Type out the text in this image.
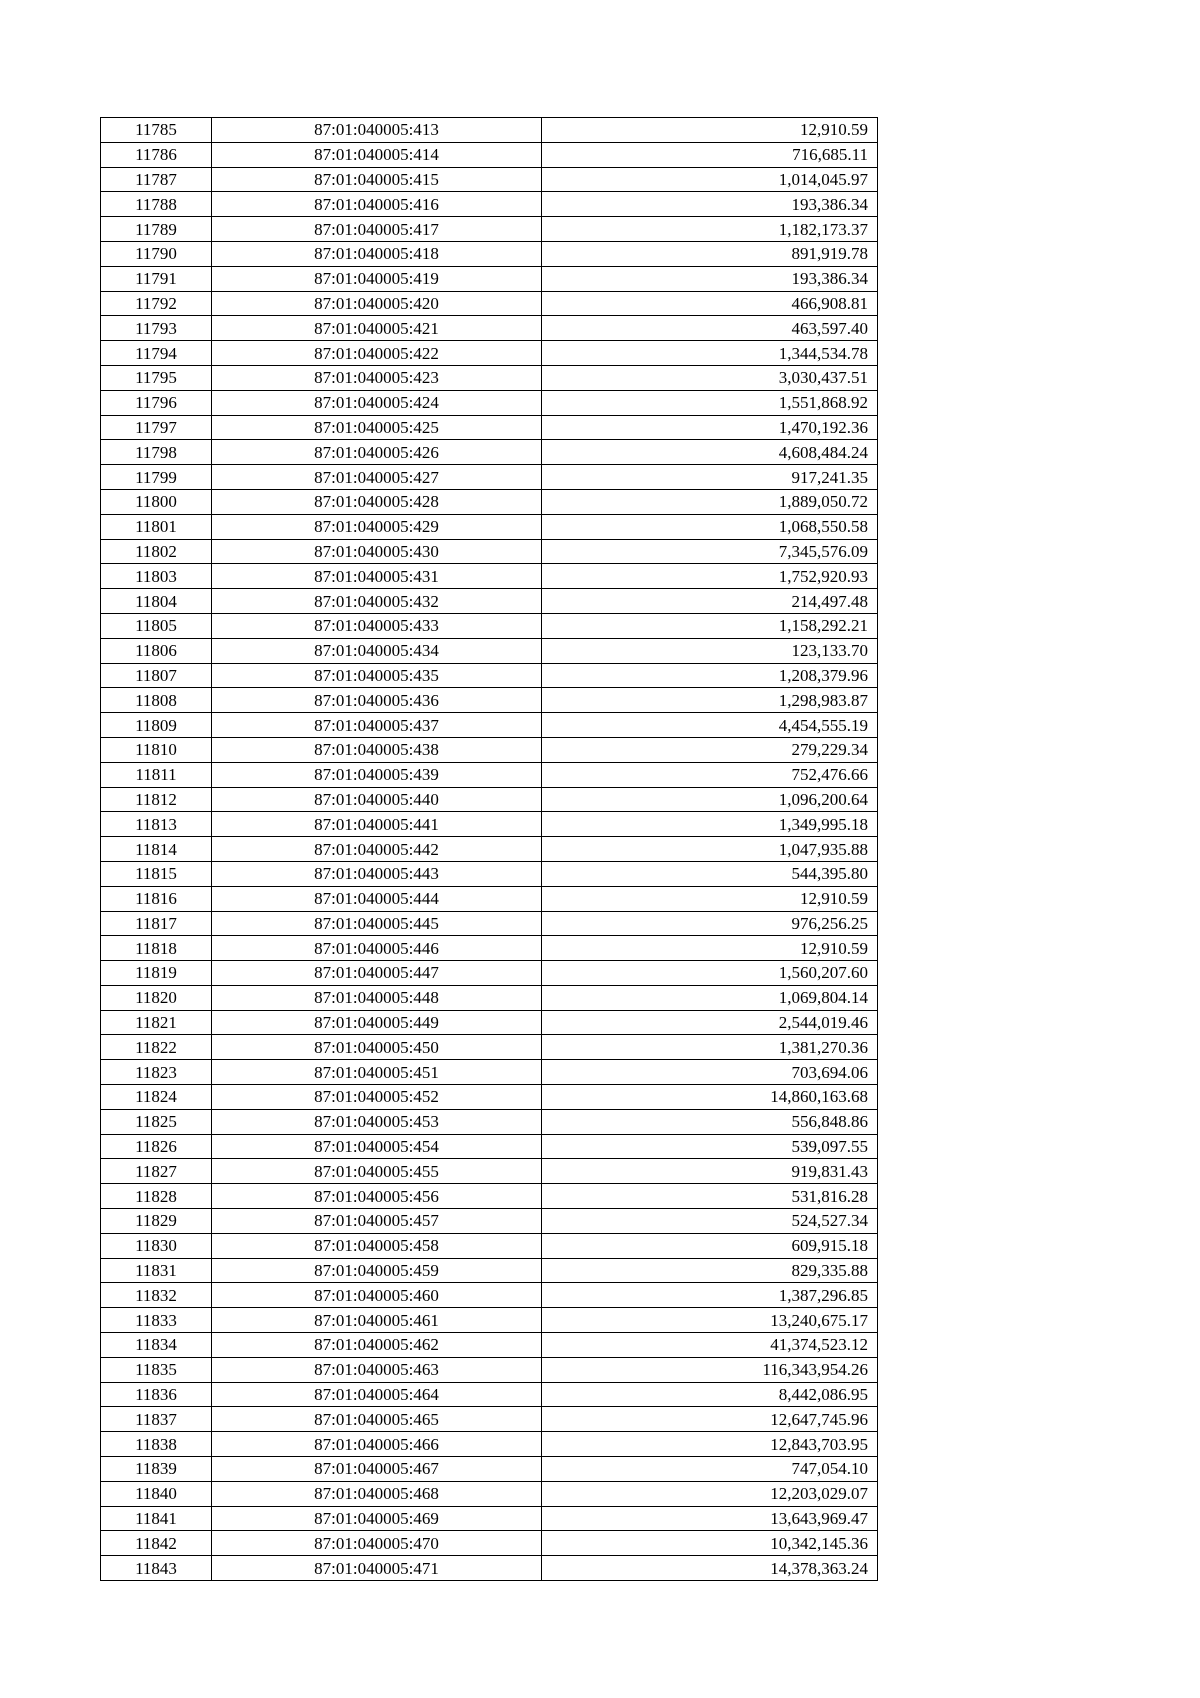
11785	87:01:040005:413	12,910.59
11786	87:01:040005:414	716,685.11
11787	87:01:040005:415	1,014,045.97
11788	87:01:040005:416	193,386.34
11789	87:01:040005:417	1,182,173.37
11790	87:01:040005:418	891,919.78
11791	87:01:040005:419	193,386.34
11792	87:01:040005:420	466,908.81
11793	87:01:040005:421	463,597.40
11794	87:01:040005:422	1,344,534.78
11795	87:01:040005:423	3,030,437.51
11796	87:01:040005:424	1,551,868.92
11797	87:01:040005:425	1,470,192.36
11798	87:01:040005:426	4,608,484.24
11799	87:01:040005:427	917,241.35
11800	87:01:040005:428	1,889,050.72
11801	87:01:040005:429	1,068,550.58
11802	87:01:040005:430	7,345,576.09
11803	87:01:040005:431	1,752,920.93
11804	87:01:040005:432	214,497.48
11805	87:01:040005:433	1,158,292.21
11806	87:01:040005:434	123,133.70
11807	87:01:040005:435	1,208,379.96
11808	87:01:040005:436	1,298,983.87
11809	87:01:040005:437	4,454,555.19
11810	87:01:040005:438	279,229.34
11811	87:01:040005:439	752,476.66
11812	87:01:040005:440	1,096,200.64
11813	87:01:040005:441	1,349,995.18
11814	87:01:040005:442	1,047,935.88
11815	87:01:040005:443	544,395.80
11816	87:01:040005:444	12,910.59
11817	87:01:040005:445	976,256.25
11818	87:01:040005:446	12,910.59
11819	87:01:040005:447	1,560,207.60
11820	87:01:040005:448	1,069,804.14
11821	87:01:040005:449	2,544,019.46
11822	87:01:040005:450	1,381,270.36
11823	87:01:040005:451	703,694.06
11824	87:01:040005:452	14,860,163.68
11825	87:01:040005:453	556,848.86
11826	87:01:040005:454	539,097.55
11827	87:01:040005:455	919,831.43
11828	87:01:040005:456	531,816.28
11829	87:01:040005:457	524,527.34
11830	87:01:040005:458	609,915.18
11831	87:01:040005:459	829,335.88
11832	87:01:040005:460	1,387,296.85
11833	87:01:040005:461	13,240,675.17
11834	87:01:040005:462	41,374,523.12
11835	87:01:040005:463	116,343,954.26
11836	87:01:040005:464	8,442,086.95
11837	87:01:040005:465	12,647,745.96
11838	87:01:040005:466	12,843,703.95
11839	87:01:040005:467	747,054.10
11840	87:01:040005:468	12,203,029.07
11841	87:01:040005:469	13,643,969.47
11842	87:01:040005:470	10,342,145.36
11843	87:01:040005:471	14,378,363.24
